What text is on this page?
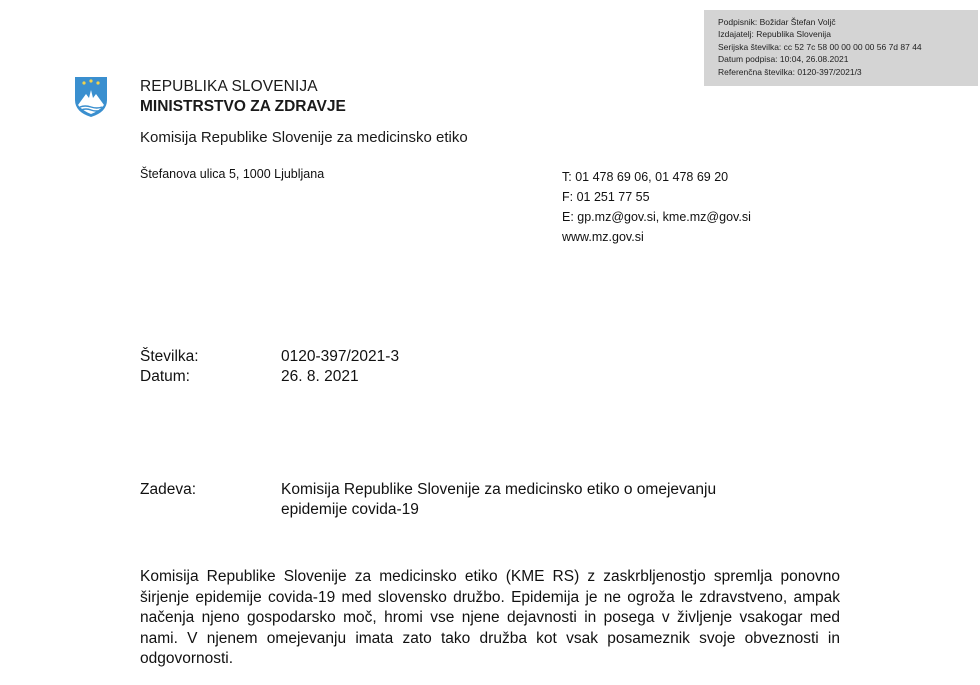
Podpisnik: Božidar Štefan Voljč
Izdajatelj: Republika Slovenija
Serijska številka: cc 52 7c 58 00 00 00 00 56 7d 87 44
Datum podpisa: 10:04, 26.08.2021
Referenčna številka: 0120-397/2021/3
REPUBLIKA SLOVENIJA
MINISTRSTVO ZA ZDRAVJE
Komisija Republike Slovenije za medicinsko etiko
Štefanova ulica 5, 1000 Ljubljana	T: 01 478 69 06, 01 478 69 20
F: 01 251 77 55
E: gp.mz@gov.si, kme.mz@gov.si
www.mz.gov.si
Številka:	0120-397/2021-3
Datum:	26. 8. 2021
Zadeva:	Komisija Republike Slovenije za medicinsko etiko o omejevanju epidemije covida-19
Komisija Republike Slovenije za medicinsko etiko (KME RS) z zaskrbljenostjo spremlja ponovno širjenje epidemije covida-19 med slovensko družbo. Epidemija je ne ogroža le zdravstveno, ampak načenja njeno gospodarsko moč, hromi vse njene dejavnosti in posega v življenje vsakogar med nami. V njenem omejevanju imata zato tako družba kot vsak posameznik svoje obveznosti in odgovornosti.
